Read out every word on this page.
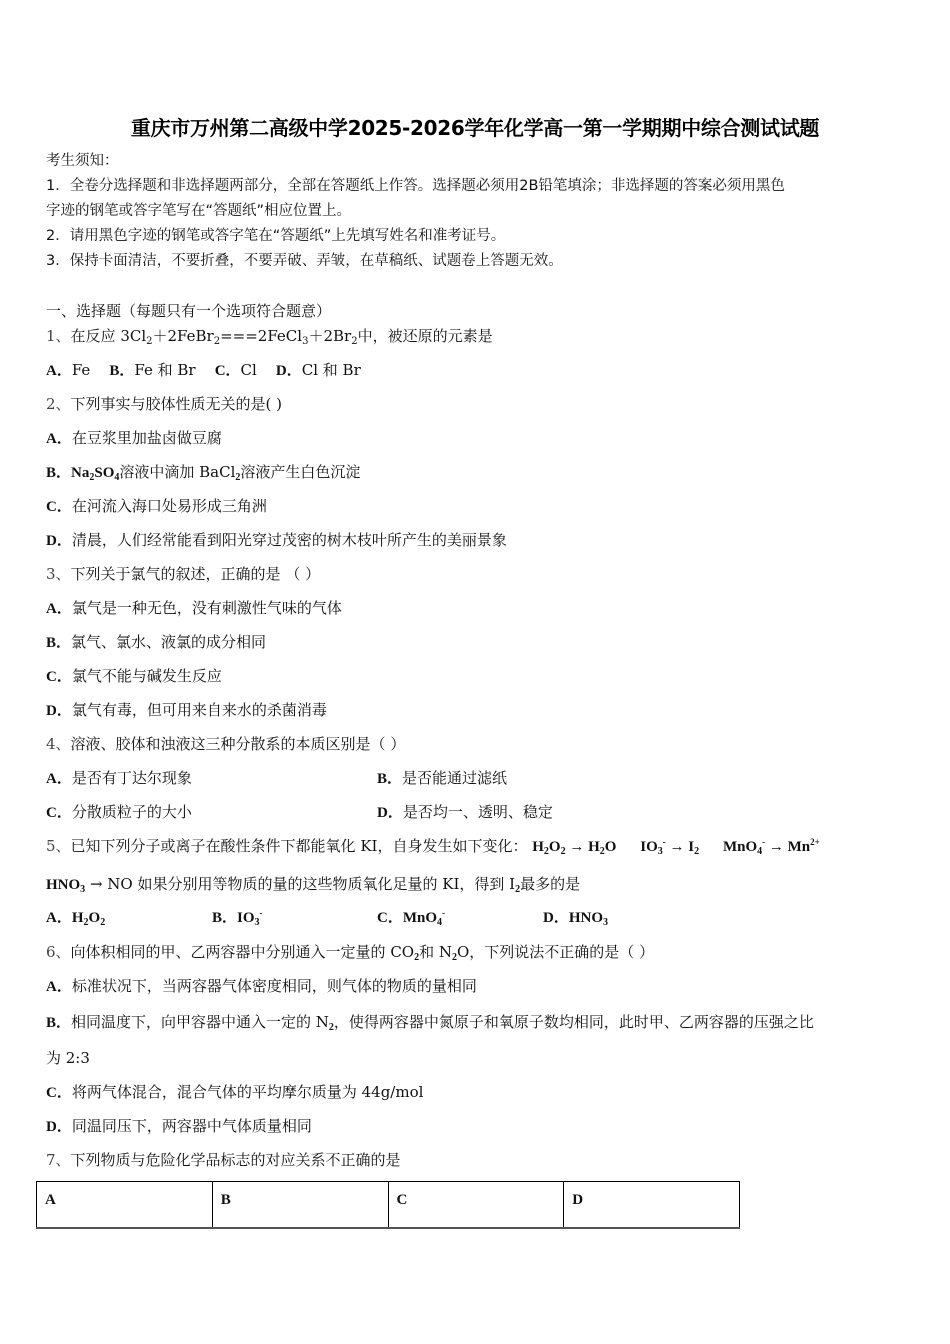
重庆市万州第二高级中学2025-2026学年化学高一第一学期期中综合测试试题
考生须知：
1．全卷分选择题和非选择题两部分，全部在答题纸上作答。选择题必须用2B铅笔填涂；非选择题的答案必须用黑色
字迹的钢笔或答字笔写在“答题纸”相应位置上。
2．请用黑色字迹的钢笔或答字笔在“答题纸”上先填写姓名和准考证号。
3．保持卡面清洁，不要折叠，不要弄破、弄皱，在草稿纸、试题卷上答题无效。
一、选择题（每题只有一个选项符合题意）
1、在反应 $3Cl_2+2FeBr_2===2FeCl_3+2Br_2$中，被还原的元素是
A．Fe B．Fe 和 Br C．Cl D．Cl 和 Br
2、下列事实与胶体性质无关的是( )
A．在豆浆里加盐卤做豆腐
B．$Na_2SO_4$溶液中滴加 BaCl$_2$溶液产生白色沉淀
C．在河流入海口处易形成三角洲
D．清晨，人们经常能看到阳光穿过茂密的树木枝叶所产生的美丽景象
3、下列关于氯气的叙述，正确的是 （ ）
A．氯气是一种无色，没有刺激性气味的气体
B．氯气、氯水、液氯的成分相同
C．氯气不能与碱发生反应
D．氯气有毒，但可用来自来水的杀菌消毒
4、溶液、胶体和浊液这三种分散系的本质区别是（ ）
A．是否有丁达尔现象	B．是否能通过滤纸
C．分散质粒子的大小	D．是否均一、透明、稳定
5、已知下列分子或离子在酸性条件下都能氧化 KI，自身发生如下变化： $H_2O_2 \to H_2O$ $IO_3^- \to I_2$ $MnO_4^- \to Mn^{2+}$
$HNO_3$ → NO 如果分别用等物质的量的这些物质氧化足量的 KI，得到 $I_2$最多的是
A．$H_2O_2$	B．$IO_3^-$	C．MnO$_4$-	D．$HNO_3$
6、向体积相同的甲、乙两容器中分别通入一定量的 $CO_2$和 $N_2O$，下列说法不正确的是（ ）
A．标准状况下，当两容器气体密度相同，则气体的物质的量相同
B．相同温度下，向甲容器中通入一定的 $N_2$，使得两容器中氮原子和氧原子数均相同，此时甲、乙两容器的压强之比
为 2:3
C．将两气体混合，混合气体的平均摩尔质量为 44g/mol
D．同温同压下，两容器中气体质量相同
7、下列物质与危险化学品标志的对应关系不正确的是
A	B	C	D
